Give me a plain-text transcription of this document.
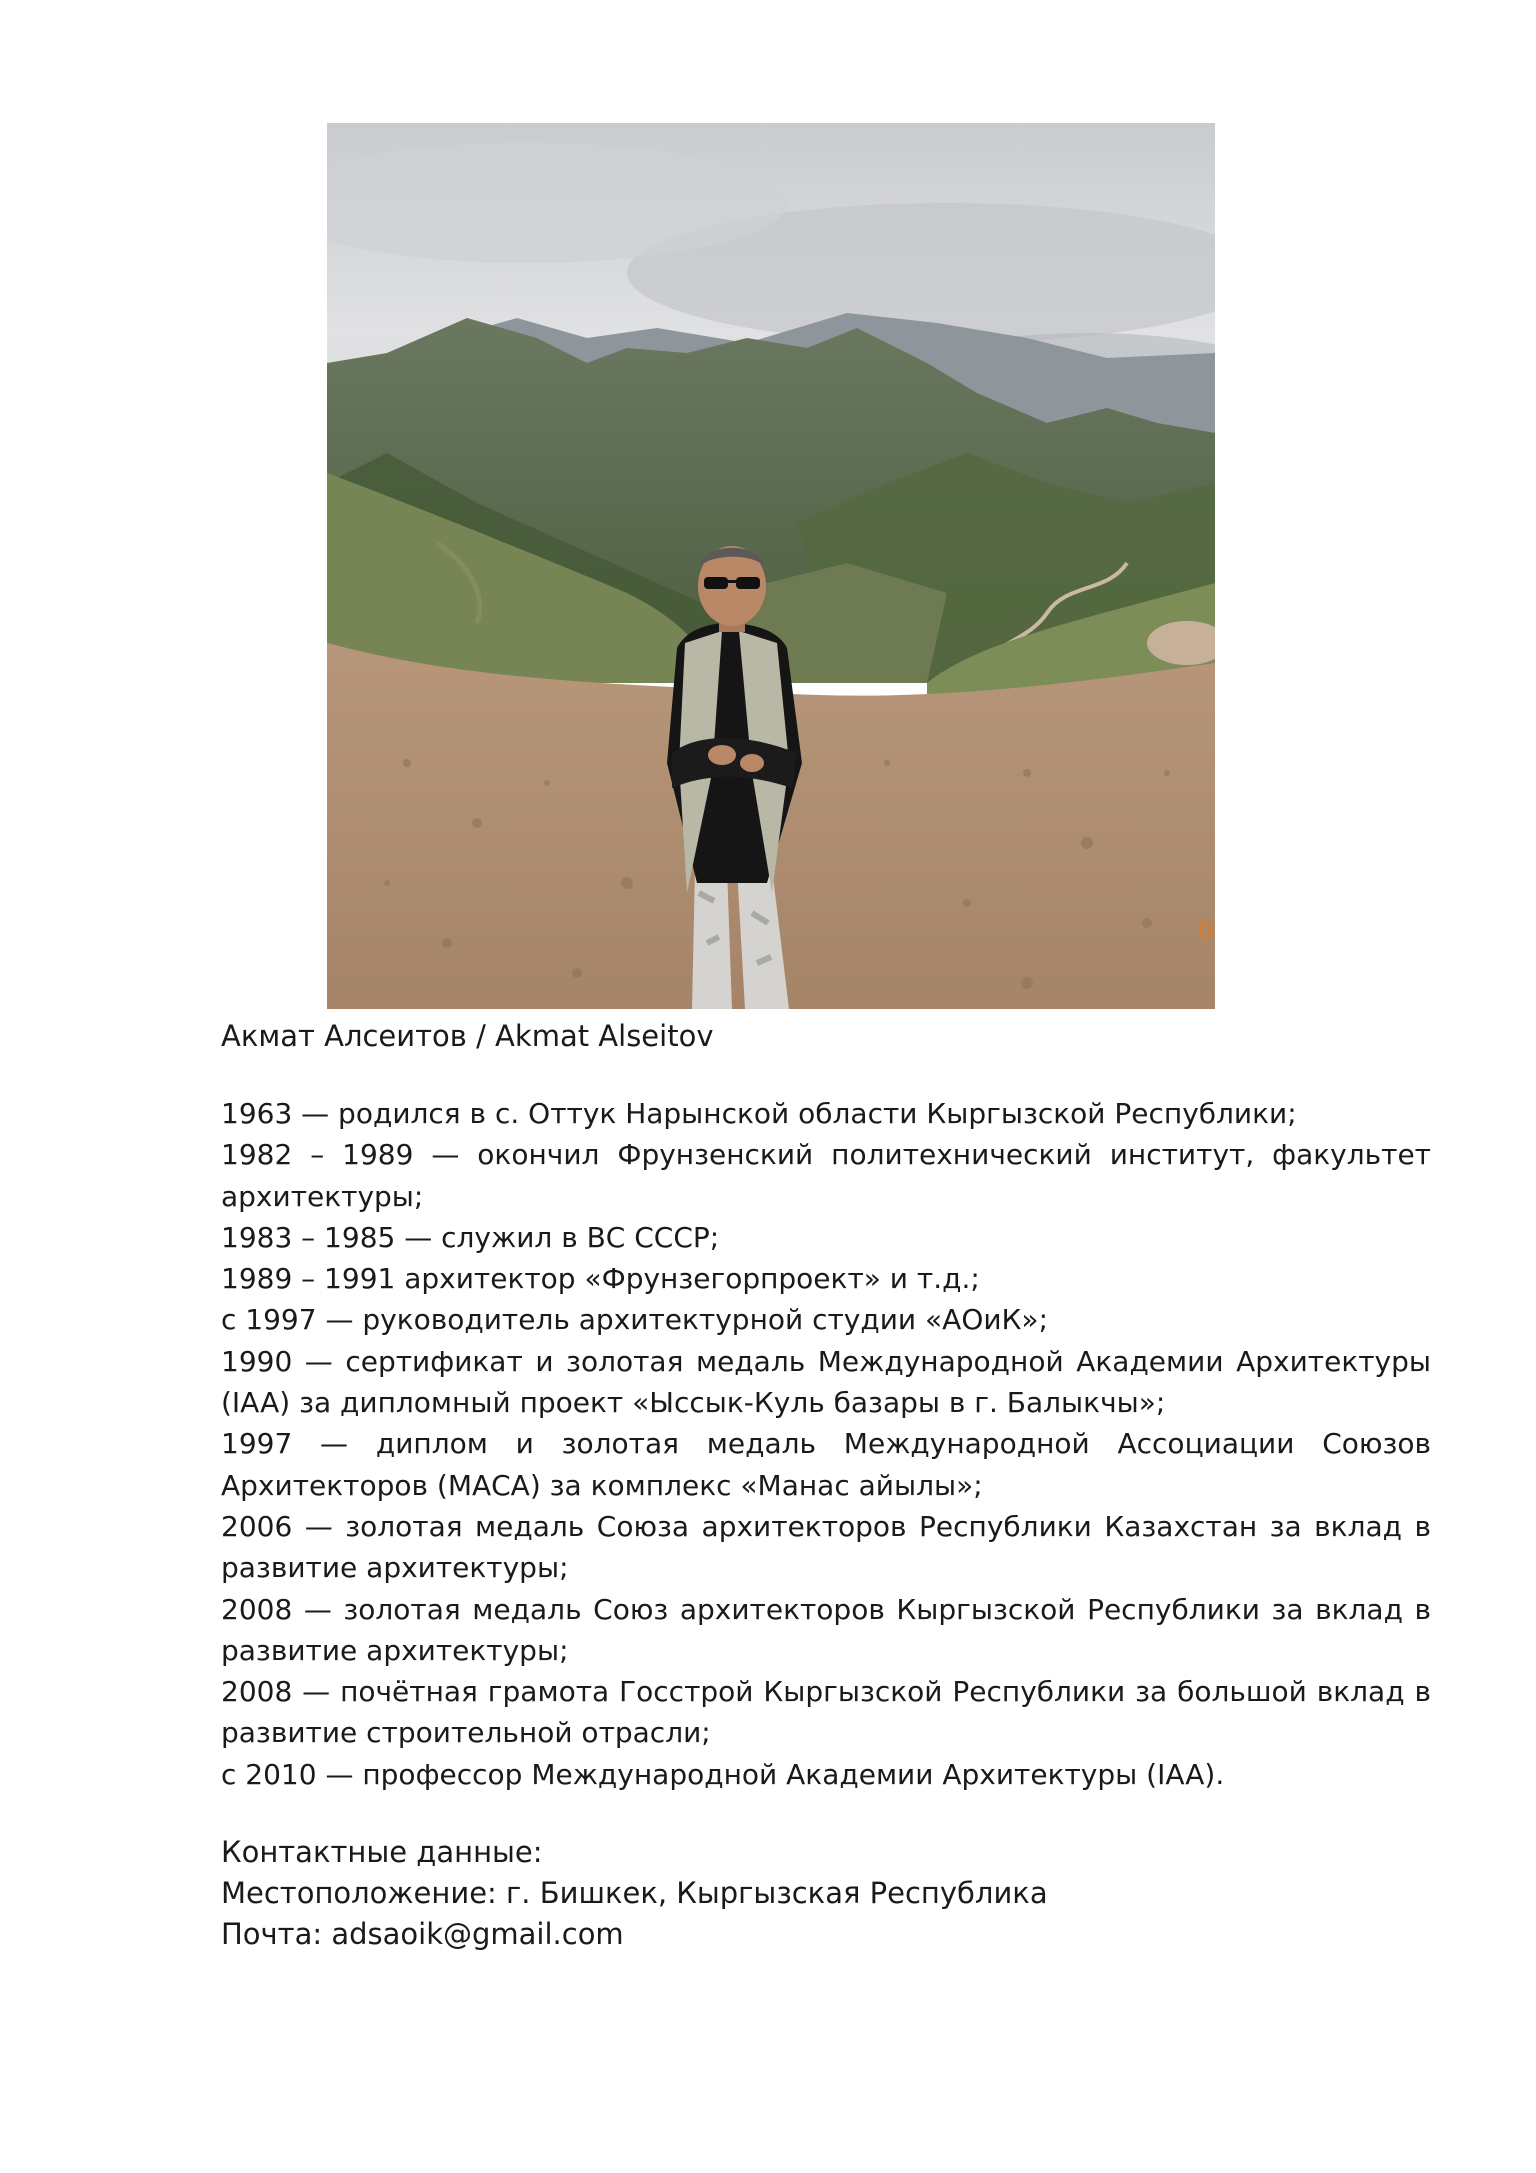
0
Акмат Алсеитов / Akmat Alseitov

1963 — родился в с. Оттук Нарынской области Кыргызской Республики;

1982 – 1989 — окончил Фрунзенский политехнический институт, факультет архитектуры;

1983 – 1985 — служил в ВС СССР;

1989 – 1991 архитектор «Фрунзегорпроект» и т.д.;

с 1997 — руководитель архитектурной студии «АОиК»;

1990 — сертификат и золотая медаль Международной Академии Архитектуры (IAA) за дипломный проект «Ыссык-Куль базары в г. Балыкчы»;

1997 — диплом и золотая медаль Международной Ассоциации Союзов Архитекторов (МАСА) за комплекс «Манас айылы»;

2006 — золотая медаль Союза архитекторов Республики Казахстан за вклад в развитие архитектуры;

2008 — золотая медаль Союз архитекторов Кыргызской Республики за вклад в развитие архитектуры;

2008 — почётная грамота Госстрой Кыргызской Республики за большой вклад в развитие строительной отрасли;

с 2010 — профессор Международной Академии Архитектуры (IAA).

Контактные данные:
Местоположение: г. Бишкек, Кыргызская Республика
Почта: adsaoik@gmail.com
